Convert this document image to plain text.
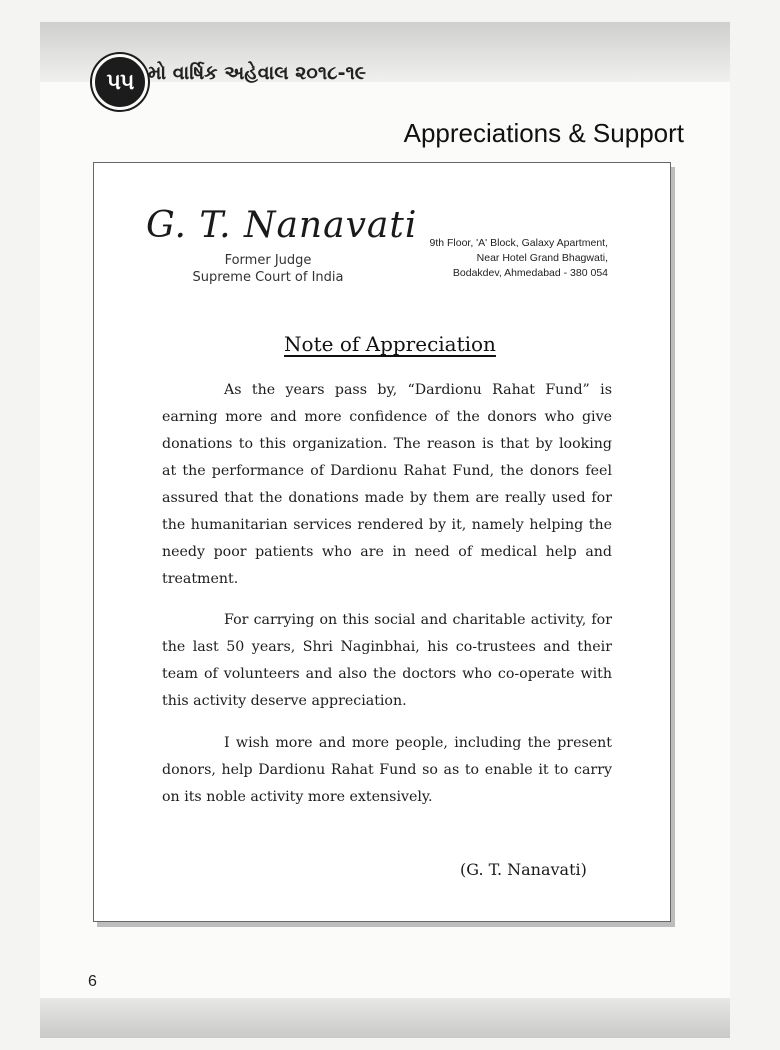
૫૫ મો વાર્ષિક અહેવાલ ૨૦૧૮-૧૯
Appreciations & Support
G. T. Nanavati
Former Judge
Supreme Court of India
9th Floor, 'A' Block, Galaxy Apartment,
Near Hotel Grand Bhagwati,
Bodakdev, Ahmedabad - 380 054
Note of Appreciation
As the years pass by, “Dardionu Rahat Fund” is earning more and more confidence of the donors who give donations to this organization. The reason is that by looking at the performance of Dardionu Rahat Fund, the donors feel assured that the donations made by them are really used for the humanitarian services rendered by it, namely helping the needy poor patients who are in need of medical help and treatment.
For carrying on this social and charitable activity, for the last 50 years, Shri Naginbhai, his co-trustees and their team of volunteers and also the doctors who co-operate with this activity deserve appreciation.
I wish more and more people, including the present donors, help Dardionu Rahat Fund so as to enable it to carry on its noble activity more extensively.
(G. T. Nanavati)
6
